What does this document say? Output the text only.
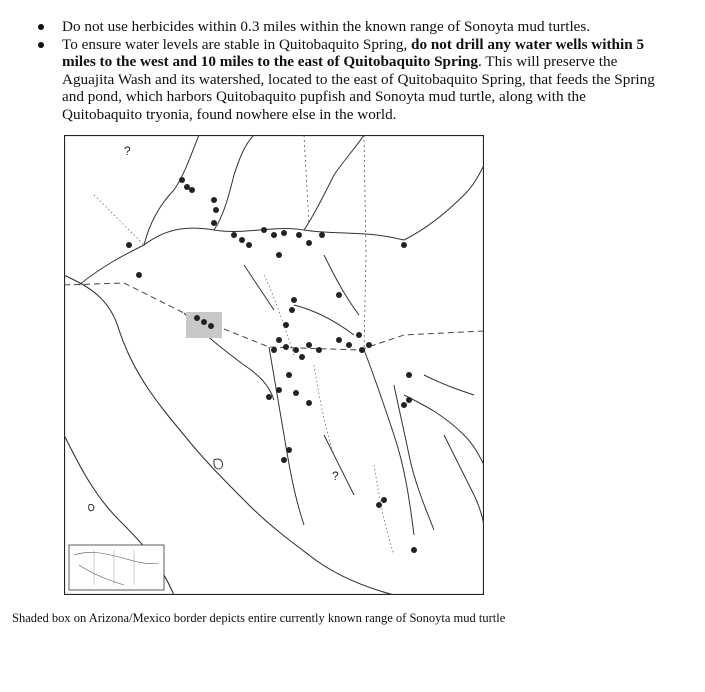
Do not use herbicides within 0.3 miles within the known range of Sonoyta mud turtles.
To ensure water levels are stable in Quitobaquito Spring, do not drill any water wells within 5 miles to the west and 10 miles to the east of Quitobaquito Spring. This will preserve the Aguajita Wash and its watershed, located to the east of Quitobaquito Spring, that feeds the Spring and pond, which harbors Quitobaquito pupfish and Sonoyta mud turtle, along with the Quitobaquito tryonia, found nowhere else in the world.
?
?
Shaded box on Arizona/Mexico border depicts entire currently known range of Sonoyta mud turtle
